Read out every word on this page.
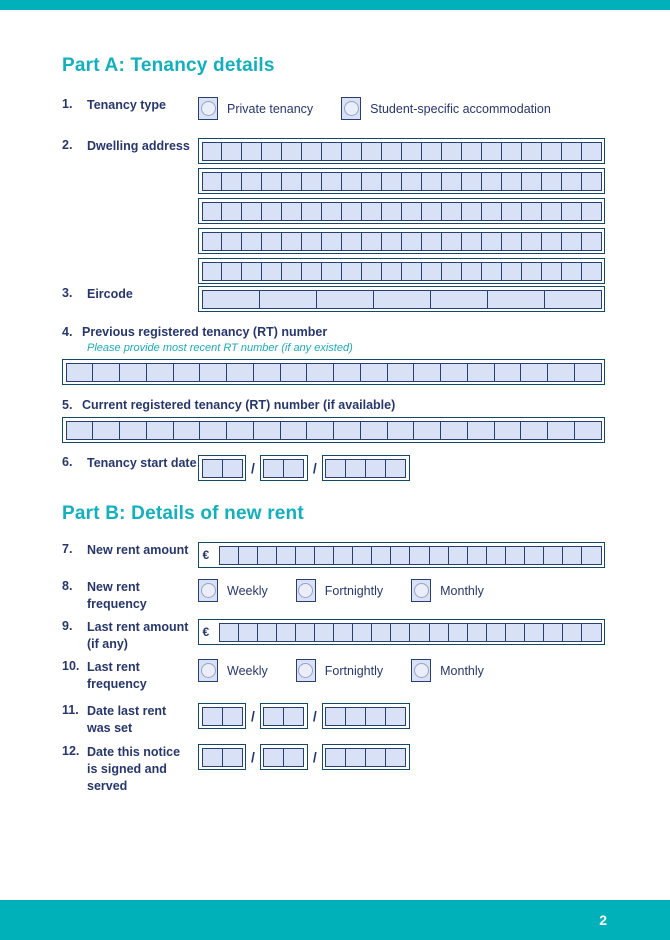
Part A: Tenancy details
1.	Tenancy type	Private tenancy	Student-specific accommodation
2.	Dwelling address
3.	Eircode
4. Previous registered tenancy (RT) number
Please provide most recent RT number (if any existed)
5. Current registered tenancy (RT) number (if available)
6.	Tenancy start date	/	/
Part B: Details of new rent
7.	New rent amount €
8.	New rent frequency
Weekly	Fortnightly	Monthly
9.	Last rent amount (if any)
€
10. Last rent frequency
Weekly	Fortnightly	Monthly
11. Date last rent was set
/	/
12. Date this notice is signed and served
/	/
2
